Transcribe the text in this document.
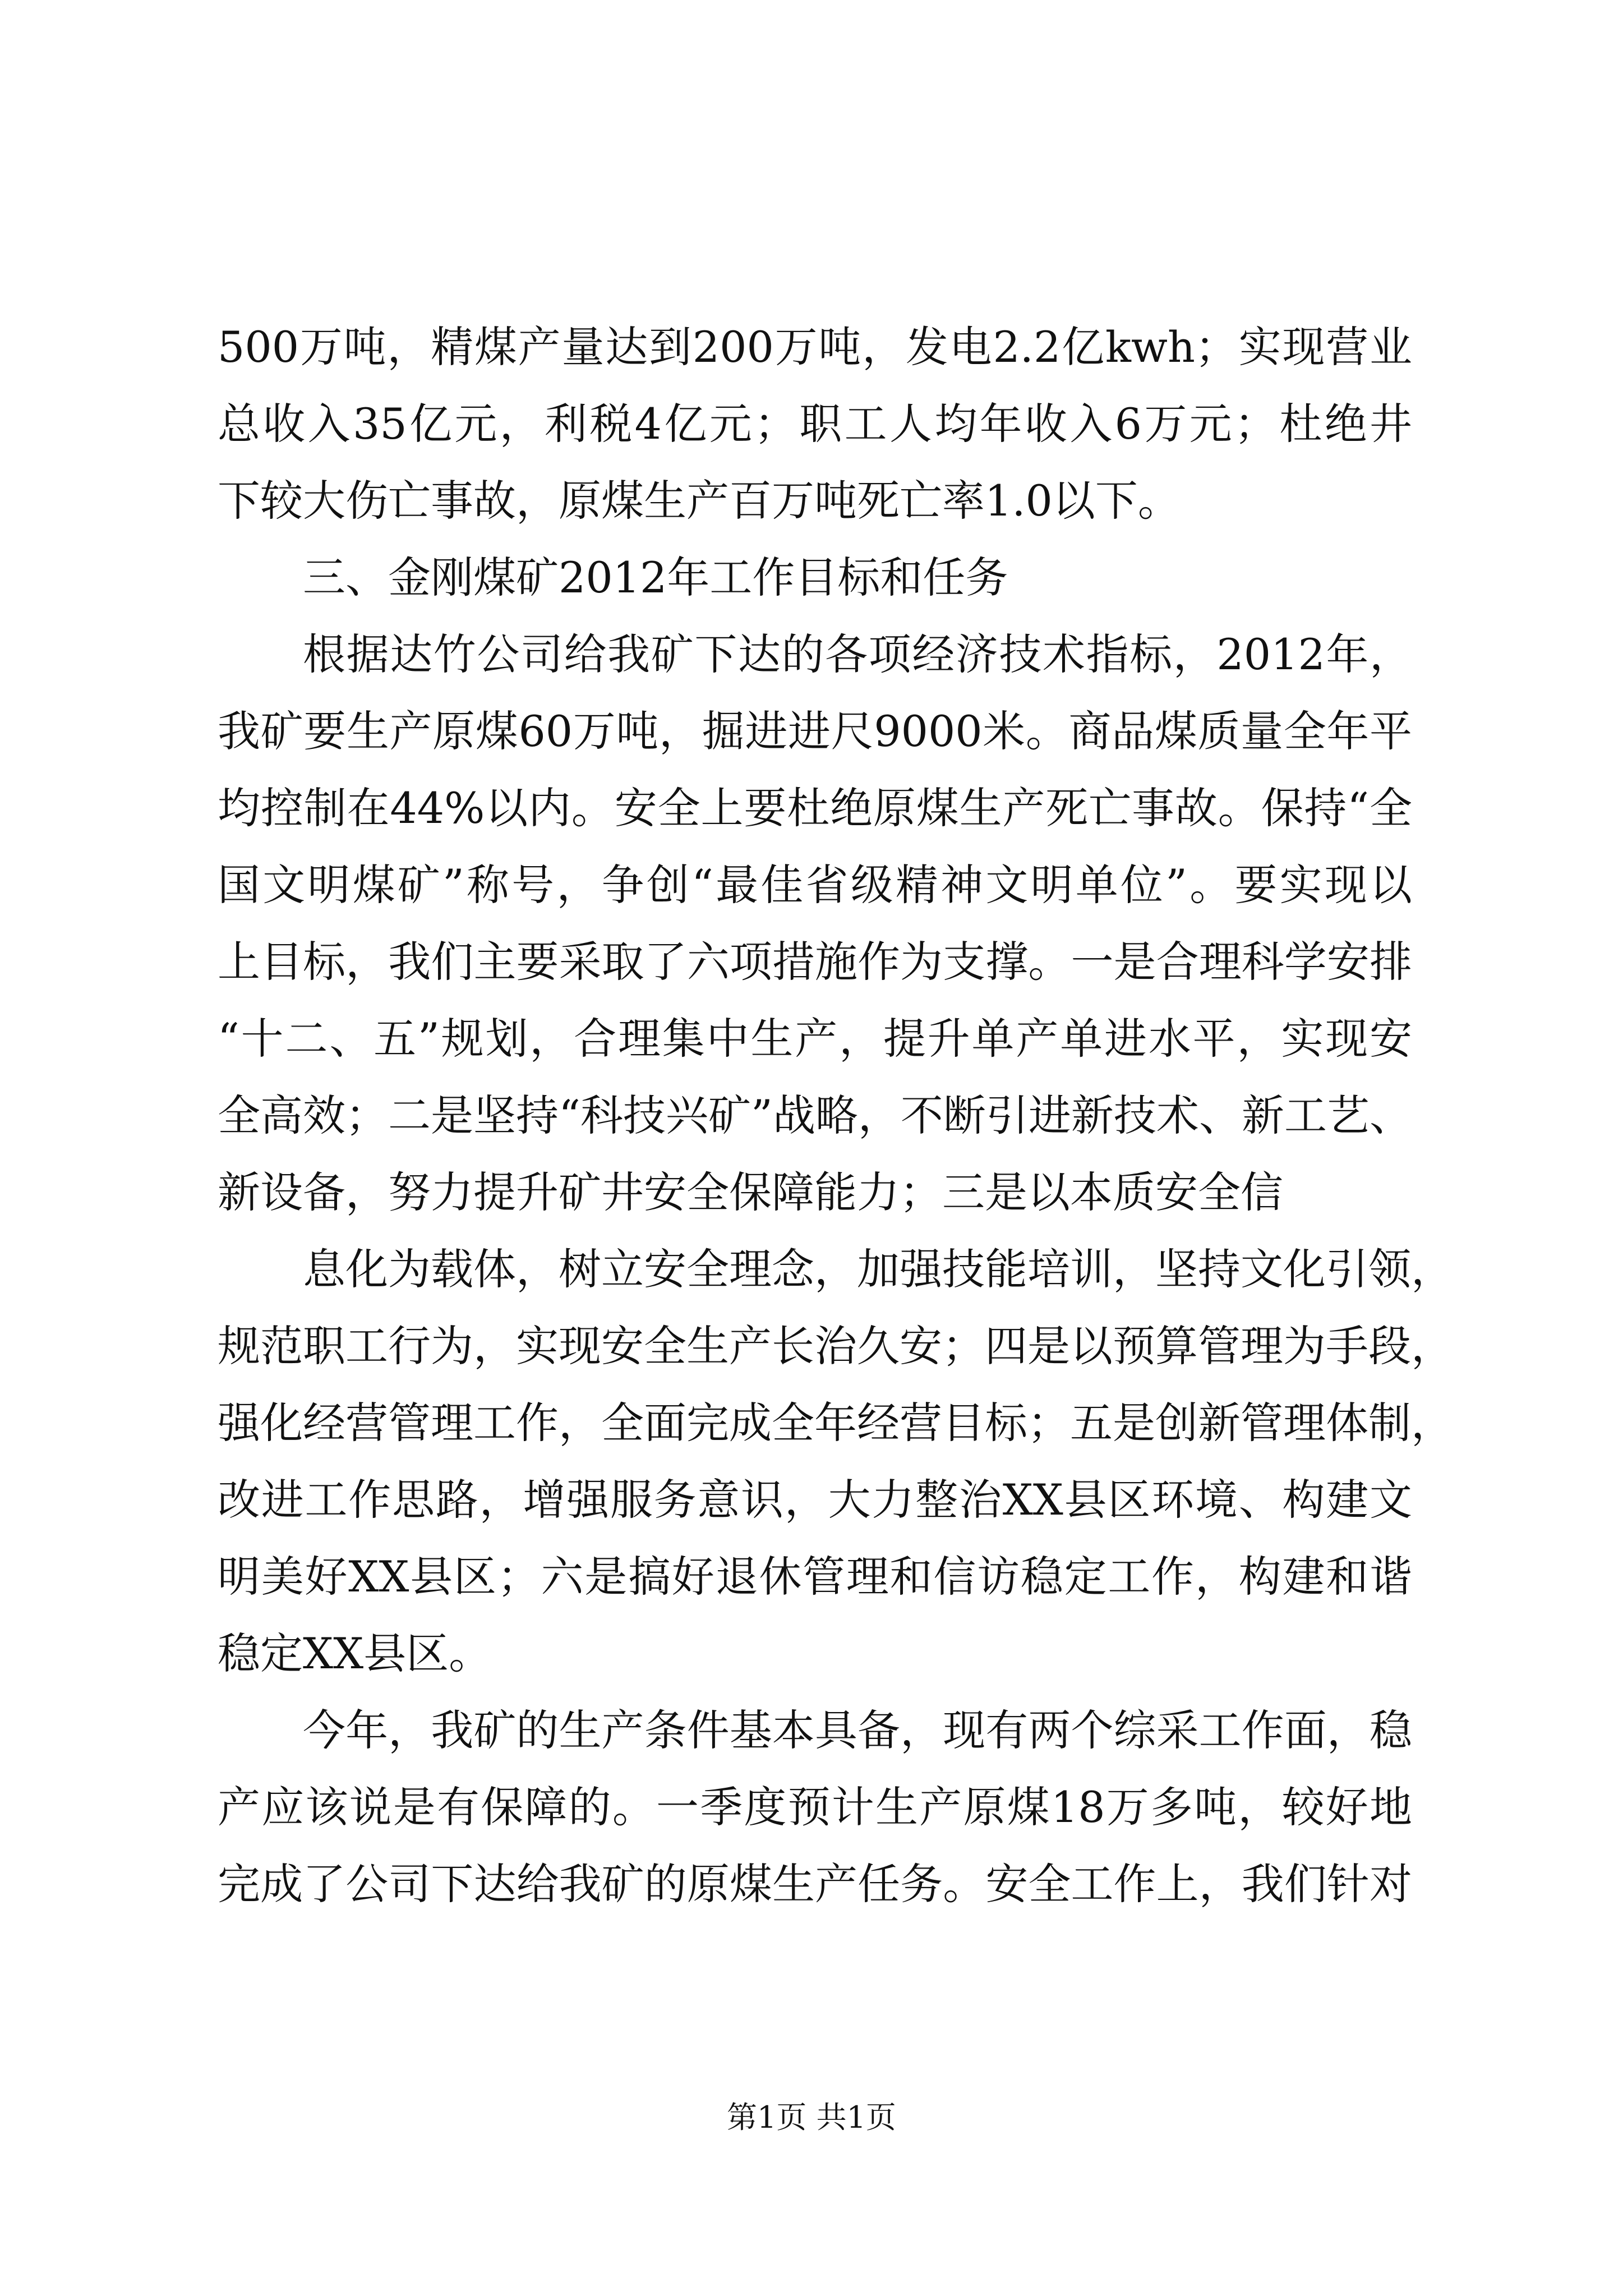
500万吨，精煤产量达到200万吨，发电2.2亿kwh；实现营业
总收入35亿元，利税4亿元；职工人均年收入6万元；杜绝井
下较大伤亡事故，原煤生产百万吨死亡率1.0以下。
三、金刚煤矿2012年工作目标和任务
根据达竹公司给我矿下达的各项经济技术指标，2012年，
我矿要生产原煤60万吨，掘进进尺9000米。商品煤质量全年平
均控制在44%以内。安全上要杜绝原煤生产死亡事故。保持“全
国文明煤矿”称号，争创“最佳省级精神文明单位”。要实现以
上目标，我们主要采取了六项措施作为支撑。一是合理科学安排
“十二、五”规划，合理集中生产，提升单产单进水平，实现安
全高效；二是坚持“科技兴矿”战略，不断引进新技术、新工艺、
新设备，努力提升矿井安全保障能力；三是以本质安全信
息化为载体，树立安全理念，加强技能培训，坚持文化引领，
规范职工行为，实现安全生产长治久安；四是以预算管理为手段，
强化经营管理工作，全面完成全年经营目标；五是创新管理体制，
改进工作思路，增强服务意识，大力整治XX县区环境、构建文
明美好XX县区；六是搞好退休管理和信访稳定工作，构建和谐
稳定XX县区。
今年，我矿的生产条件基本具备，现有两个综采工作面，稳
产应该说是有保障的。一季度预计生产原煤18万多吨，较好地
完成了公司下达给我矿的原煤生产任务。安全工作上，我们针对
第1页 共1页
